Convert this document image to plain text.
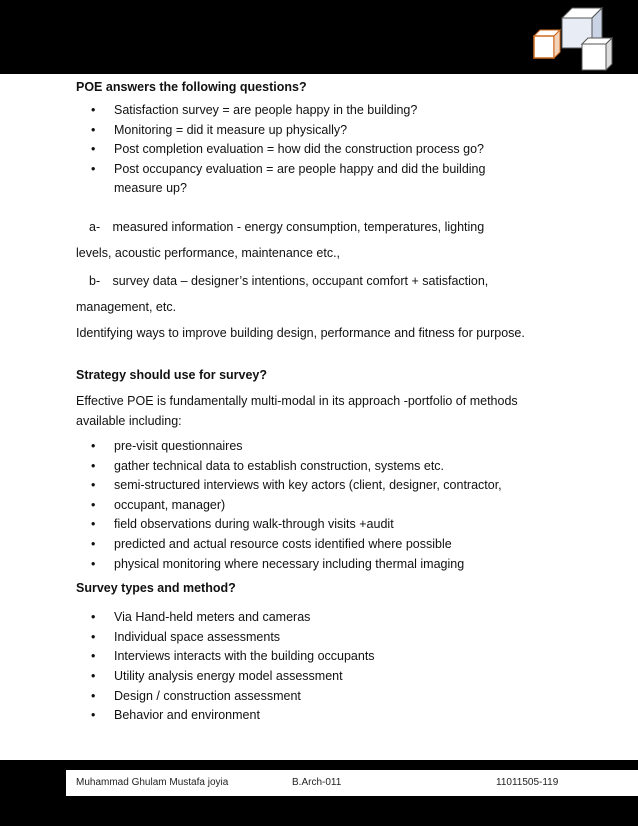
POE answers the following questions?

• Satisfaction survey = are people happy in the building?
• Monitoring = did it measure up physically?
• Post completion evaluation = how did the construction process go?
• Post occupancy evaluation = are people happy and did the building measure up?

a- measured information - energy consumption, temperatures, lighting

levels, acoustic performance, maintenance etc.,

b- survey data – designer’s intentions, occupant comfort + satisfaction,

management, etc.

Identifying ways to improve building design, performance and fitness for purpose.

Strategy should use for survey?

Effective POE is fundamentally multi-modal in its approach -portfolio of methods available including:

• pre-visit questionnaires
• gather technical data to establish construction, systems etc.
• semi-structured interviews with key actors (client, designer, contractor,
• occupant, manager)
• field observations during walk-through visits +audit
• predicted and actual resource costs identified where possible
• physical monitoring where necessary including thermal imaging

Survey types and method?

• Via Hand-held meters and cameras
• Individual space assessments
• Interviews interacts with the building occupants
• Utility analysis energy model assessment
• Design / construction assessment
• Behavior and environment
Muhammad Ghulam Mustafa joyia	B.Arch-011	11011505-119
